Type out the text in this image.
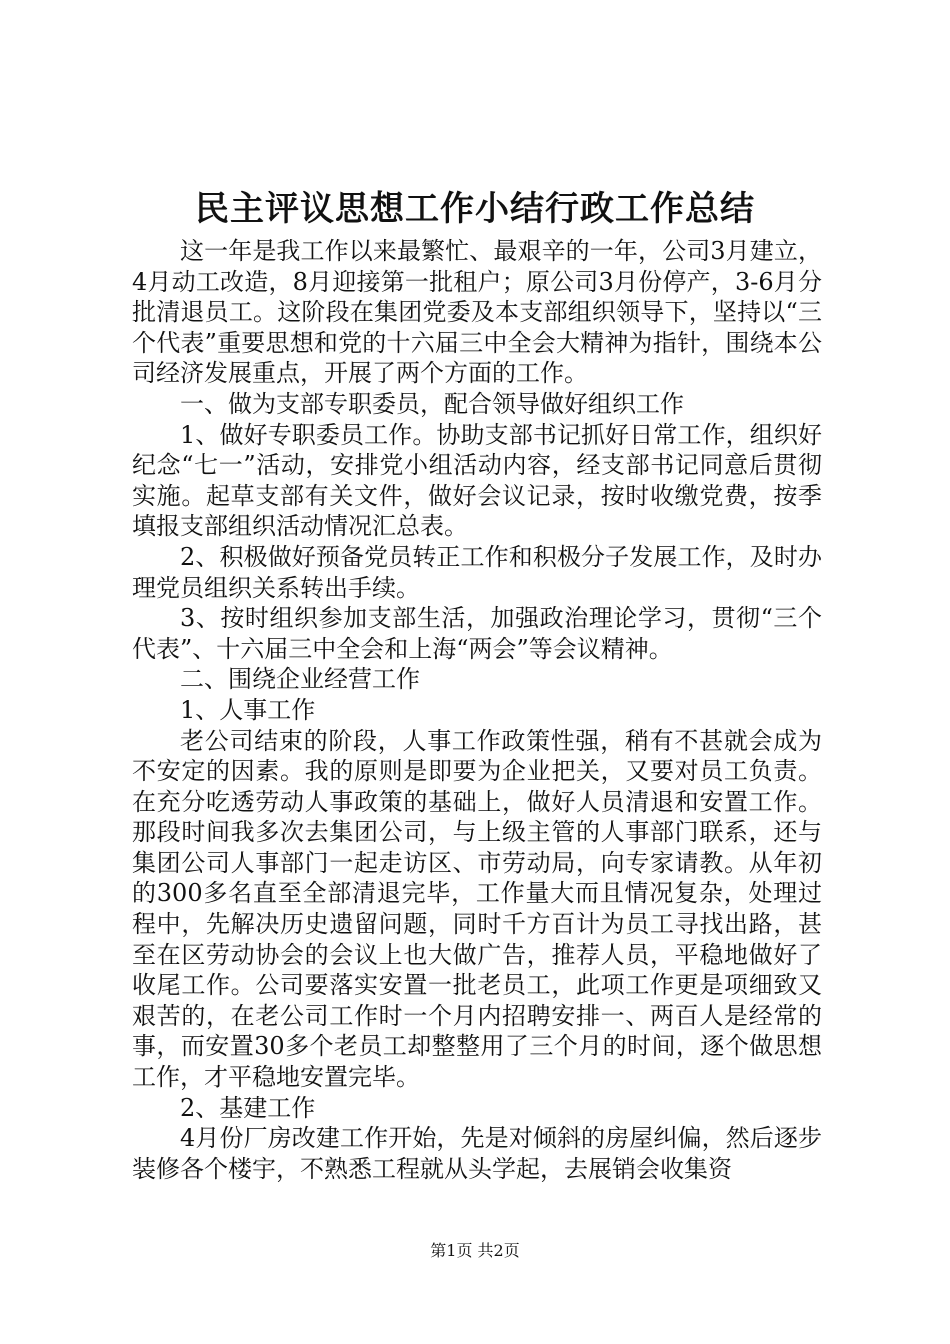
民主评议思想工作小结行政工作总结

这一年是我工作以来最繁忙、最艰辛的一年，公司3月建立，4月动工改造，8月迎接第一批租户；原公司3月份停产，3-6月分批清退员工。这阶段在集团党委及本支部组织领导下，坚持以“三个代表”重要思想和党的十六届三中全会大精神为指针，围绕本公司经济发展重点，开展了两个方面的工作。

一、做为支部专职委员，配合领导做好组织工作

1、做好专职委员工作。协助支部书记抓好日常工作，组织好纪念“七一”活动，安排党小组活动内容，经支部书记同意后贯彻实施。起草支部有关文件，做好会议记录，按时收缴党费，按季填报支部组织活动情况汇总表。

2、积极做好预备党员转正工作和积极分子发展工作，及时办理党员组织关系转出手续。

3、按时组织参加支部生活，加强政治理论学习，贯彻“三个代表”、十六届三中全会和上海“两会”等会议精神。

二、围绕企业经营工作

1、人事工作

老公司结束的阶段，人事工作政策性强，稍有不甚就会成为不安定的因素。我的原则是即要为企业把关，又要对员工负责。在充分吃透劳动人事政策的基础上，做好人员清退和安置工作。那段时间我多次去集团公司，与上级主管的人事部门联系，还与集团公司人事部门一起走访区、市劳动局，向专家请教。从年初的300多名直至全部清退完毕，工作量大而且情况复杂，处理过程中，先解决历史遗留问题，同时千方百计为员工寻找出路，甚至在区劳动协会的会议上也大做广告，推荐人员，平稳地做好了收尾工作。公司要落实安置一批老员工，此项工作更是项细致又艰苦的，在老公司工作时一个月内招聘安排一、两百人是经常的事，而安置30多个老员工却整整用了三个月的时间，逐个做思想工作，才平稳地安置完毕。

2、基建工作

4月份厂房改建工作开始，先是对倾斜的房屋纠偏，然后逐步装修各个楼宇，不熟悉工程就从头学起，去展销会收集资

第1页 共2页
